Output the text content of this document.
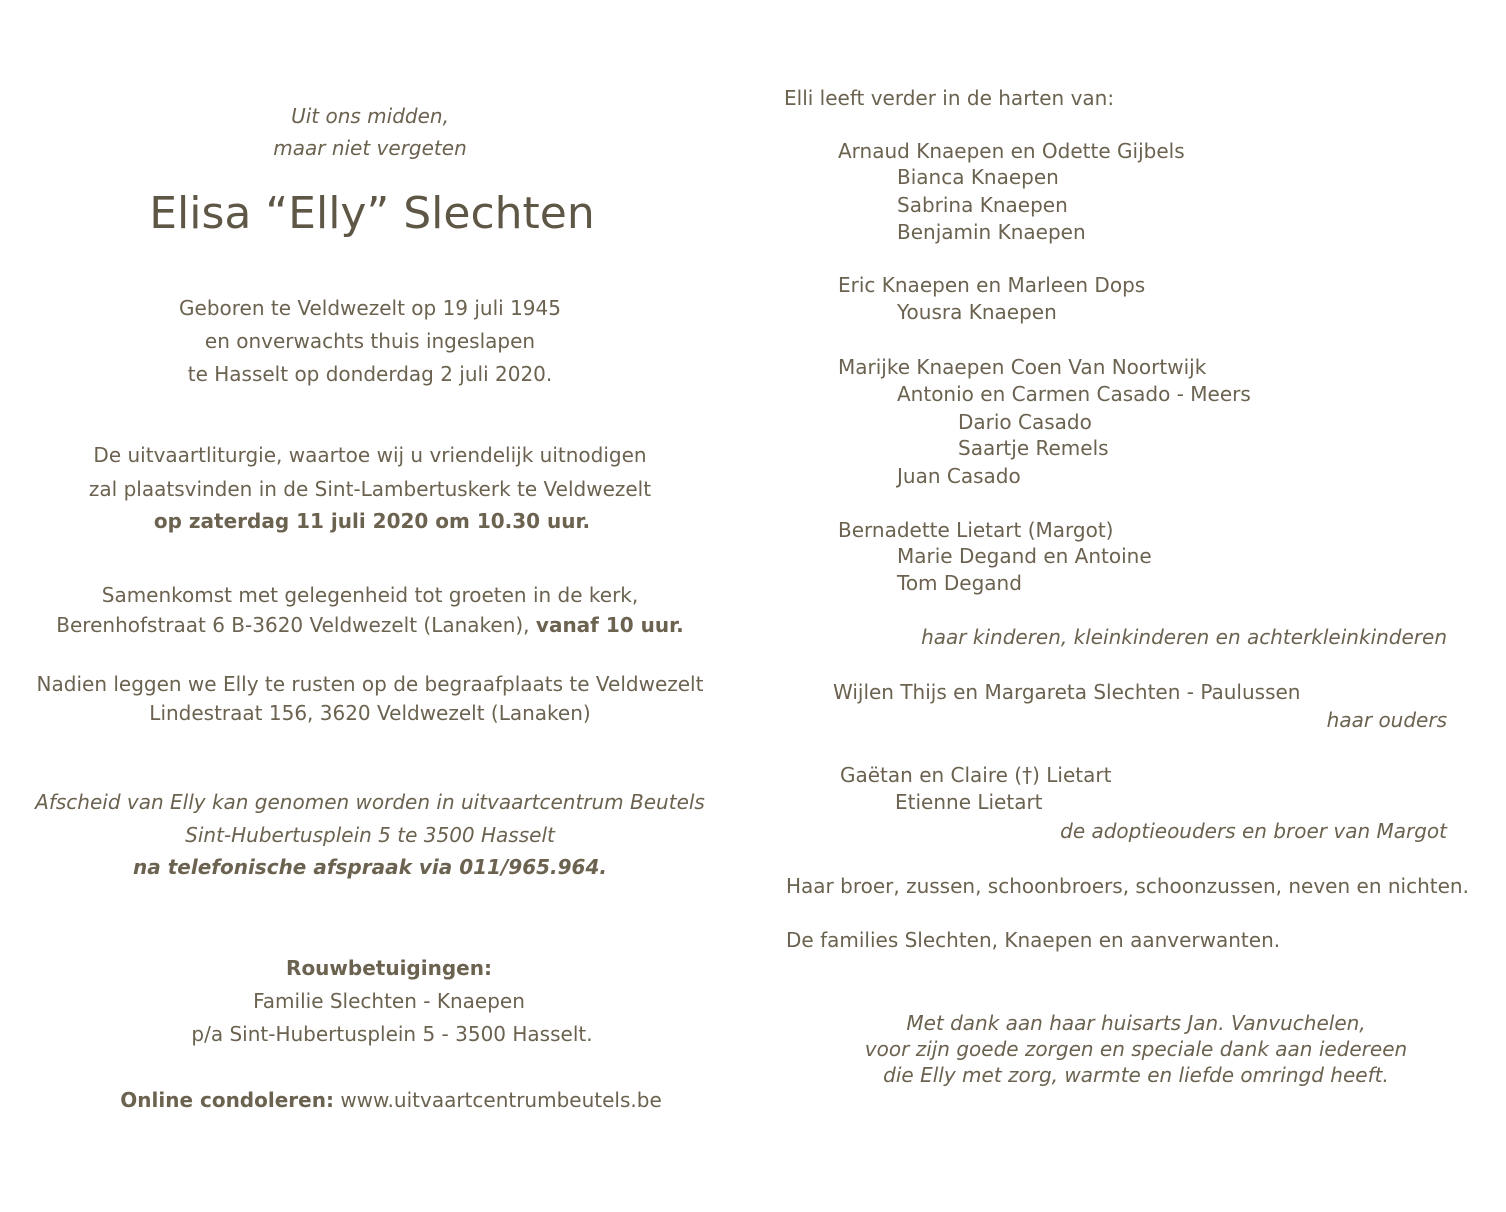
Uit ons midden,
maar niet vergeten
Elisa “Elly” Slechten
Geboren te Veldwezelt op 19 juli 1945
en onverwachts thuis ingeslapen
te Hasselt op donderdag 2 juli 2020.
De uitvaartliturgie, waartoe wij u vriendelijk uitnodigen
zal plaatsvinden in de Sint-Lambertuskerk te Veldwezelt
op zaterdag 11 juli 2020 om 10.30 uur.
Samenkomst met gelegenheid tot groeten in de kerk,
Berenhofstraat 6 B-3620 Veldwezelt (Lanaken), vanaf 10 uur.
Nadien leggen we Elly te rusten op de begraafplaats te Veldwezelt
Lindestraat 156, 3620 Veldwezelt (Lanaken)
Afscheid van Elly kan genomen worden in uitvaartcentrum Beutels
Sint-Hubertusplein 5 te 3500 Hasselt
na telefonische afspraak via 011/965.964.
Rouwbetuigingen:
Familie Slechten - Knaepen
p/a Sint-Hubertusplein 5 - 3500 Hasselt.
Online condoleren: www.uitvaartcentrumbeutels.be
Elli leeft verder in de harten van:
Arnaud Knaepen en Odette Gijbels
Bianca Knaepen
Sabrina Knaepen
Benjamin Knaepen
Eric Knaepen en Marleen Dops
Yousra Knaepen
Marijke Knaepen Coen Van Noortwijk
Antonio en Carmen Casado - Meers
Dario Casado
Saartje Remels
Juan Casado
Bernadette Lietart (Margot)
Marie Degand en Antoine
Tom Degand
haar kinderen, kleinkinderen en achterkleinkinderen
Wijlen Thijs en Margareta Slechten - Paulussen
haar ouders
Gaëtan en Claire (†) Lietart
Etienne Lietart
de adoptieouders en broer van Margot
Haar broer, zussen, schoonbroers, schoonzussen, neven en nichten.
De families Slechten, Knaepen en aanverwanten.
Met dank aan haar huisarts Jan. Vanvuchelen,
voor zijn goede zorgen en speciale dank aan iedereen
die Elly met zorg, warmte en liefde omringd heeft.
